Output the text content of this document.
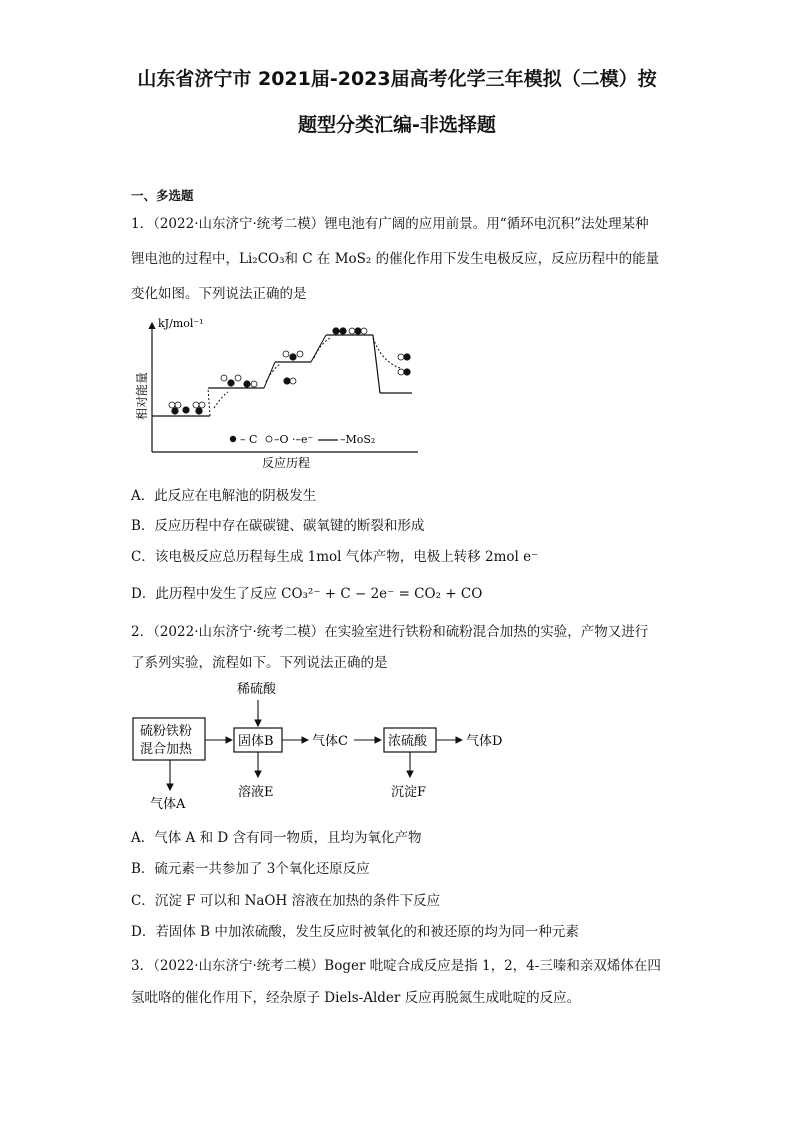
山东省济宁市 2021届-2023届高考化学三年模拟（二模）按
题型分类汇编-非选择题
一、多选题
1．（2022·山东济宁·统考二模）锂电池有广阔的应用前景。用“循环电沉积”法处理某种
锂电池的过程中，Li₂CO₃和 C 在 MoS₂ 的催化作用下发生电极反应，反应历程中的能量
变化如图。下列说法正确的是
kJ/mol⁻¹
相对能量
反应历程
– C –O ·–e⁻ –MoS₂
A．此反应在电解池的阴极发生
B．反应历程中存在碳碳键、碳氧键的断裂和形成
C．该电极反应总历程每生成 1mol 气体产物，电极上转移 2mol e⁻
D．此历程中发生了反应 CO₃²⁻ + C − 2e⁻ = CO₂ + CO
2．（2022·山东济宁·统考二模）在实验室进行铁粉和硫粉混合加热的实验，产物又进行
了系列实验，流程如下。下列说法正确的是
硫粉铁粉
混合加热
气体A
稀硫酸
固体B
溶液E
气体C	浓硫酸
沉淀F
气体D
A．气体 A 和 D 含有同一物质，且均为氧化产物
B．硫元素一共参加了 3个氧化还原反应
C．沉淀 F 可以和 NaOH 溶液在加热的条件下反应
D．若固体 B 中加浓硫酸，发生反应时被氧化的和被还原的均为同一种元素
3．（2022·山东济宁·统考二模）Boger 吡啶合成反应是指 1，2，4-三嗪和亲双烯体在四
氢吡咯的催化作用下，经杂原子 Diels-Alder 反应再脱氮生成吡啶的反应。
